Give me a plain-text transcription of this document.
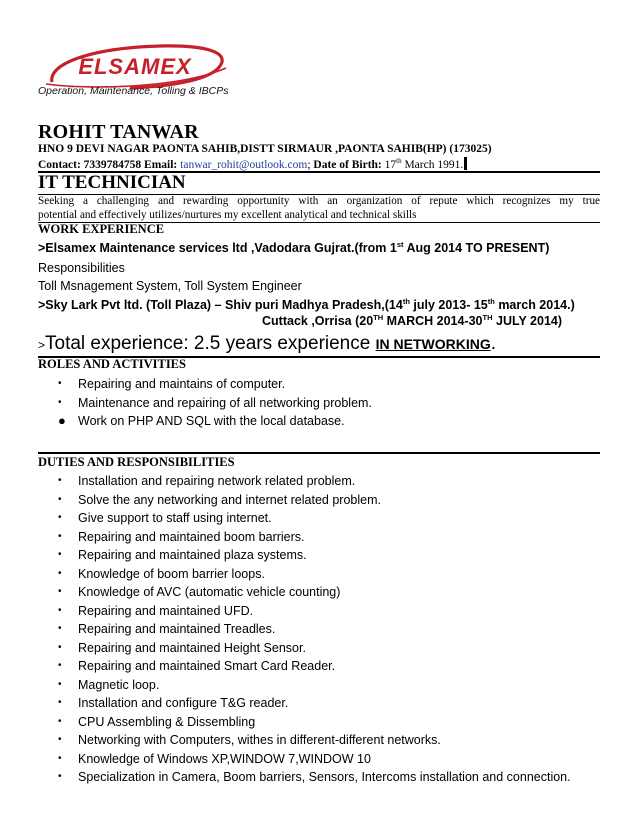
ELSAMEX
Operation, Maintenance, Tolling & IBCPs
ROHIT TANWAR
HNO 9 DEVI NAGAR PAONTA SAHIB,DISTT SIRMAUR ,PAONTA SAHIB(HP) (173025)
Contact: 7339784758 Email: tanwar_rohit@outlook.com; Date of Birth: 17th March 1991.
IT TECHNICIAN
Seeking a challenging and rewarding opportunity with an organization of repute which recognizes my true
potential and effectively utilizes/nurtures my excellent analytical and technical skills
WORK EXPERIENCE
>Elsamex Maintenance services ltd ,Vadodara Gujrat.(from 1st Aug 2014 TO PRESENT)
Responsibilities
Toll Msnagement System, Toll System Engineer
>Sky Lark Pvt ltd. (Toll Plaza) – Shiv puri Madhya Pradesh,(14th july 2013- 15th march 2014.)
Cuttack ,Orrisa (20TH MARCH 2014-30TH JULY 2014)
>Total experience: 2.5 years experience IN NETWORKING.
ROLES AND ACTIVITIES
•	Repairing and maintains of computer.
•	Maintenance and repairing of all networking problem.
● Work on PHP AND SQL with the local database.
DUTIES AND RESPONSIBILITIES
•	Installation and repairing network related problem.
•	Solve the any networking and internet related problem.
•	Give support to staff using internet.
•	Repairing and maintained boom barriers.
•	Repairing and maintained plaza systems.
•	Knowledge of boom barrier loops.
•	Knowledge of AVC (automatic vehicle counting)
•	Repairing and maintained UFD.
•	Repairing and maintained Treadles.
•	Repairing and maintained Height Sensor.
•	Repairing and maintained Smart Card Reader.
•	Magnetic loop.
•	Installation and configure T&G reader.
•	CPU Assembling & Dissembling
•	Networking with Computers, withes in different-different networks.
•	Knowledge of Windows XP,WINDOW 7,WINDOW 10
•	Specialization in Camera, Boom barriers, Sensors, Intercoms installation and connection.
